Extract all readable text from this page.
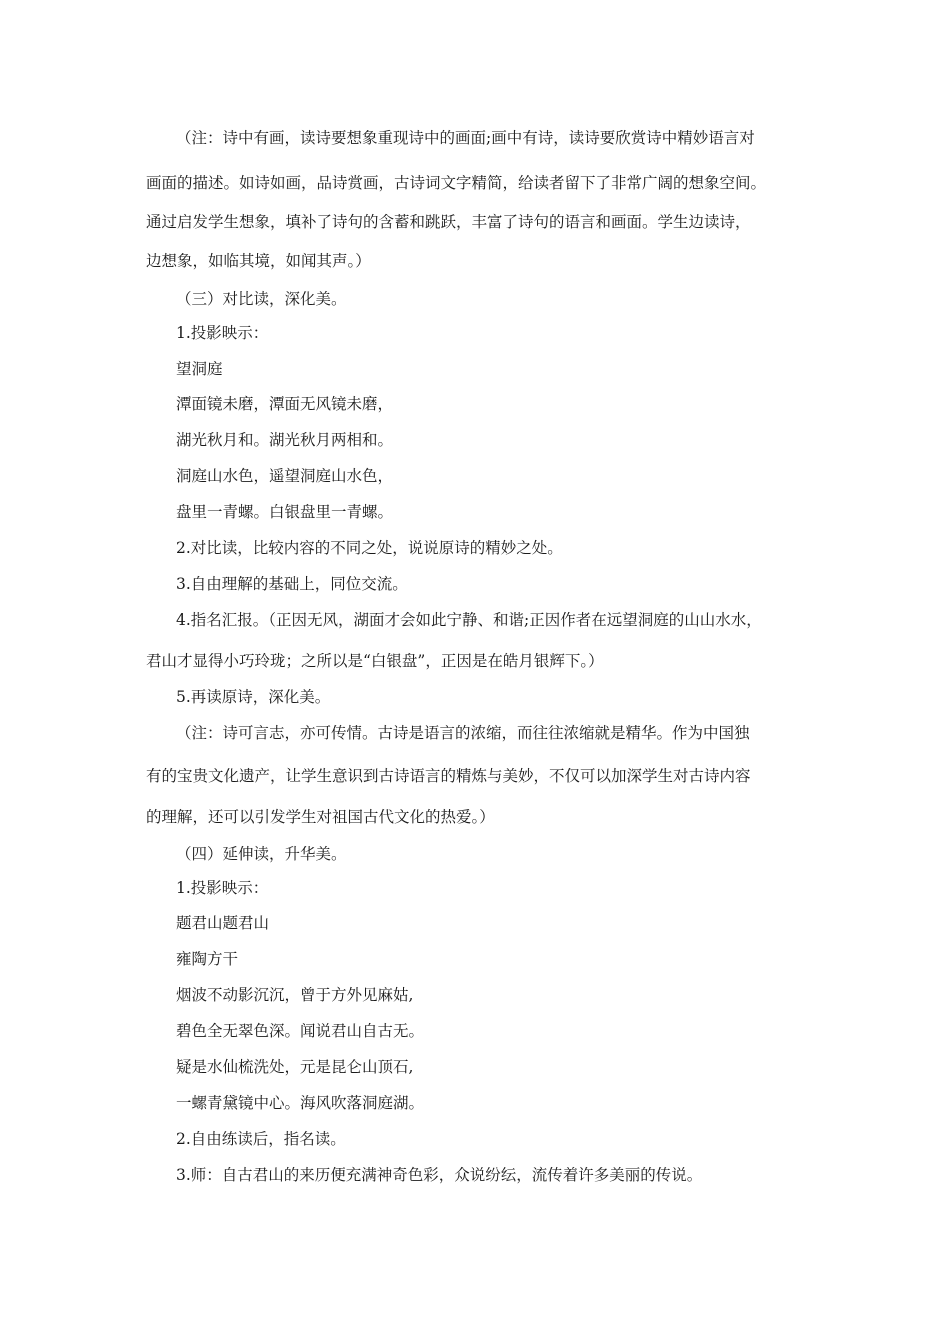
（注：诗中有画，读诗要想象重现诗中的画面;画中有诗，读诗要欣赏诗中精妙语言对
画面的描述。如诗如画，品诗赏画，古诗词文字精简，给读者留下了非常广阔的想象空间。
通过启发学生想象，填补了诗句的含蓄和跳跃，丰富了诗句的语言和画面。学生边读诗，
边想象，如临其境，如闻其声。）
（三）对比读，深化美。
1.投影映示：
望洞庭
潭面镜未磨，潭面无风镜未磨，
湖光秋月和。湖光秋月两相和。
洞庭山水色，遥望洞庭山水色，
盘里一青螺。白银盘里一青螺。
2.对比读，比较内容的不同之处，说说原诗的精妙之处。
3.自由理解的基础上，同位交流。
4.指名汇报。（正因无风，湖面才会如此宁静、和谐;正因作者在远望洞庭的山山水水，
君山才显得小巧玲珑；之所以是“白银盘”，正因是在皓月银辉下。）
5.再读原诗，深化美。
（注：诗可言志，亦可传情。古诗是语言的浓缩，而往往浓缩就是精华。作为中国独
有的宝贵文化遗产，让学生意识到古诗语言的精炼与美妙，不仅可以加深学生对古诗内容
的理解，还可以引发学生对祖国古代文化的热爱。）
（四）延伸读，升华美。
1.投影映示：
题君山题君山
雍陶方干
烟波不动影沉沉，曾于方外见麻姑,
碧色全无翠色深。闻说君山自古无。
疑是水仙梳洗处，元是昆仑山顶石,
一螺青黛镜中心。海风吹落洞庭湖。
2.自由练读后，指名读。
3.师：自古君山的来历便充满神奇色彩，众说纷纭，流传着许多美丽的传说。
